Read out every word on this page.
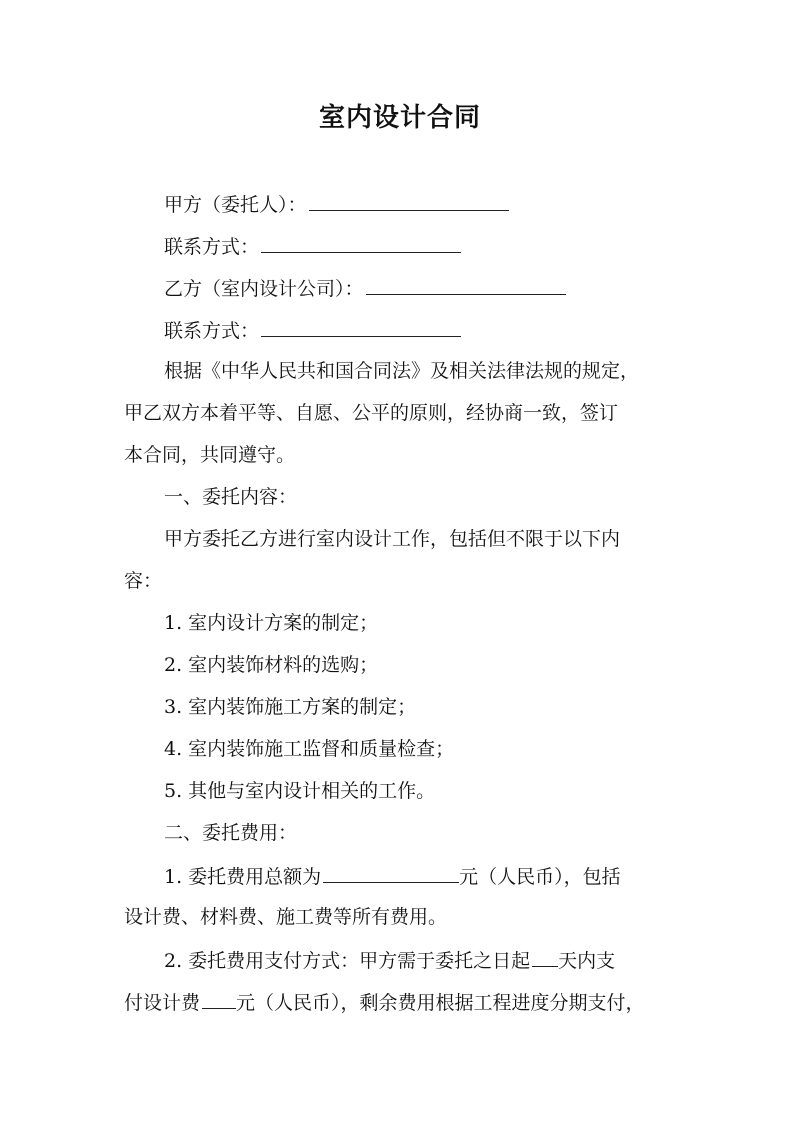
室内设计合同
甲方（委托人）：
联系方式：
乙方（室内设计公司）：
联系方式：
根据《中华人民共和国合同法》及相关法律法规的规定，
甲乙双方本着平等、自愿、公平的原则，经协商一致，签订
本合同，共同遵守。
一、委托内容：
甲方委托乙方进行室内设计工作，包括但不限于以下内
容：
1. 室内设计方案的制定；
2. 室内装饰材料的选购；
3. 室内装饰施工方案的制定；
4. 室内装饰施工监督和质量检查；
5. 其他与室内设计相关的工作。
二、委托费用：
1. 委托费用总额为	元（人民币），包括
设计费、材料费、施工费等所有费用。
2. 委托费用支付方式：甲方需于委托之日起 天内支
付设计费 元（人民币），剩余费用根据工程进度分期支付，
